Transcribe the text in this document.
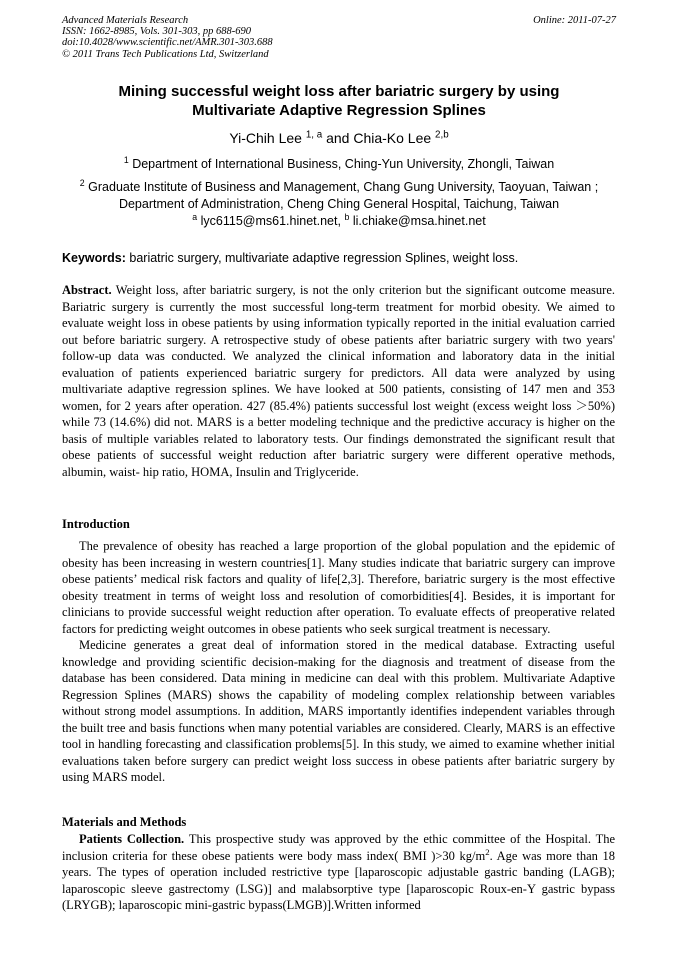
Advanced Materials Research
ISSN: 1662-8985, Vols. 301-303, pp 688-690
doi:10.4028/www.scientific.net/AMR.301-303.688
© 2011 Trans Tech Publications Ltd, Switzerland
Online: 2011-07-27
Mining successful weight loss after bariatric surgery by using
Multivariate Adaptive Regression Splines
Yi-Chih Lee $^{1, a}$ and Chia-Ko Lee $^{2,b}$
$^1$ Department of International Business, Ching-Yun University, Zhongli, Taiwan
$^2$ Graduate Institute of Business and Management, Chang Gung University, Taoyuan, Taiwan ;
Department of Administration, Cheng Ching General Hospital, Taichung, Taiwan
$^a$ lyc6115@ms61.hinet.net, $^b$ li.chiake@msa.hinet.net
Keywords: bariatric surgery, multivariate adaptive regression Splines, weight loss.
Abstract. Weight loss, after bariatric surgery, is not the only criterion but the significant outcome measure. Bariatric surgery is currently the most successful long-term treatment for morbid obesity. We aimed to evaluate weight loss in obese patients by using information typically reported in the initial evaluation carried out before bariatric surgery. A retrospective study of obese patients after bariatric surgery with two years' follow-up data was conducted. We analyzed the clinical information and laboratory data in the initial evaluation of patients experienced bariatric surgery for predictors. All data were analyzed by using multivariate adaptive regression splines. We have looked at 500 patients, consisting of 147 men and 353 women, for 2 years after operation. 427 (85.4%) patients successful lost weight (excess weight loss ＞50%) while 73 (14.6%) did not. MARS is a better modeling technique and the predictive accuracy is higher on the basis of multiple variables related to laboratory tests. Our findings demonstrated the significant result that obese patients of successful weight reduction after bariatric surgery were different operative methods, albumin, waist- hip ratio, HOMA, Insulin and Triglyceride.
Introduction

The prevalence of obesity has reached a large proportion of the global population and the epidemic of obesity has been increasing in western countries[1]. Many studies indicate that bariatric surgery can improve obese patients’ medical risk factors and quality of life[2,3]. Therefore, bariatric surgery is the most effective obesity treatment in terms of weight loss and resolution of comorbidities[4]. Besides, it is important for clinicians to provide successful weight reduction after operation. To evaluate effects of preoperative related factors for predicting weight outcomes in obese patients who seek surgical treatment is necessary.

Medicine generates a great deal of information stored in the medical database. Extracting useful knowledge and providing scientific decision-making for the diagnosis and treatment of disease from the database has been considered. Data mining in medicine can deal with this problem. Multivariate Adaptive Regression Splines (MARS) shows the capability of modeling complex relationship between variables without strong model assumptions. In addition, MARS importantly identifies independent variables through the built tree and basis functions when many potential variables are considered. Clearly, MARS is an effective tool in handling forecasting and classification problems[5]. In this study, we aimed to examine whether initial evaluations taken before surgery can predict weight loss success in obese patients after bariatric surgery by using MARS model.

Materials and Methods

Patients Collection. This prospective study was approved by the ethic committee of the Hospital. The inclusion criteria for these obese patients were body mass index( BMI )>30 $kg/m^2$. Age was more than 18 years. The types of operation included restrictive type [laparoscopic adjustable gastric banding (LAGB); laparoscopic sleeve gastrectomy (LSG)] and malabsorptive type [laparoscopic Roux-en-Y gastric bypass (LRYGB); laparoscopic mini-gastric bypass(LMGB)].Written informed
